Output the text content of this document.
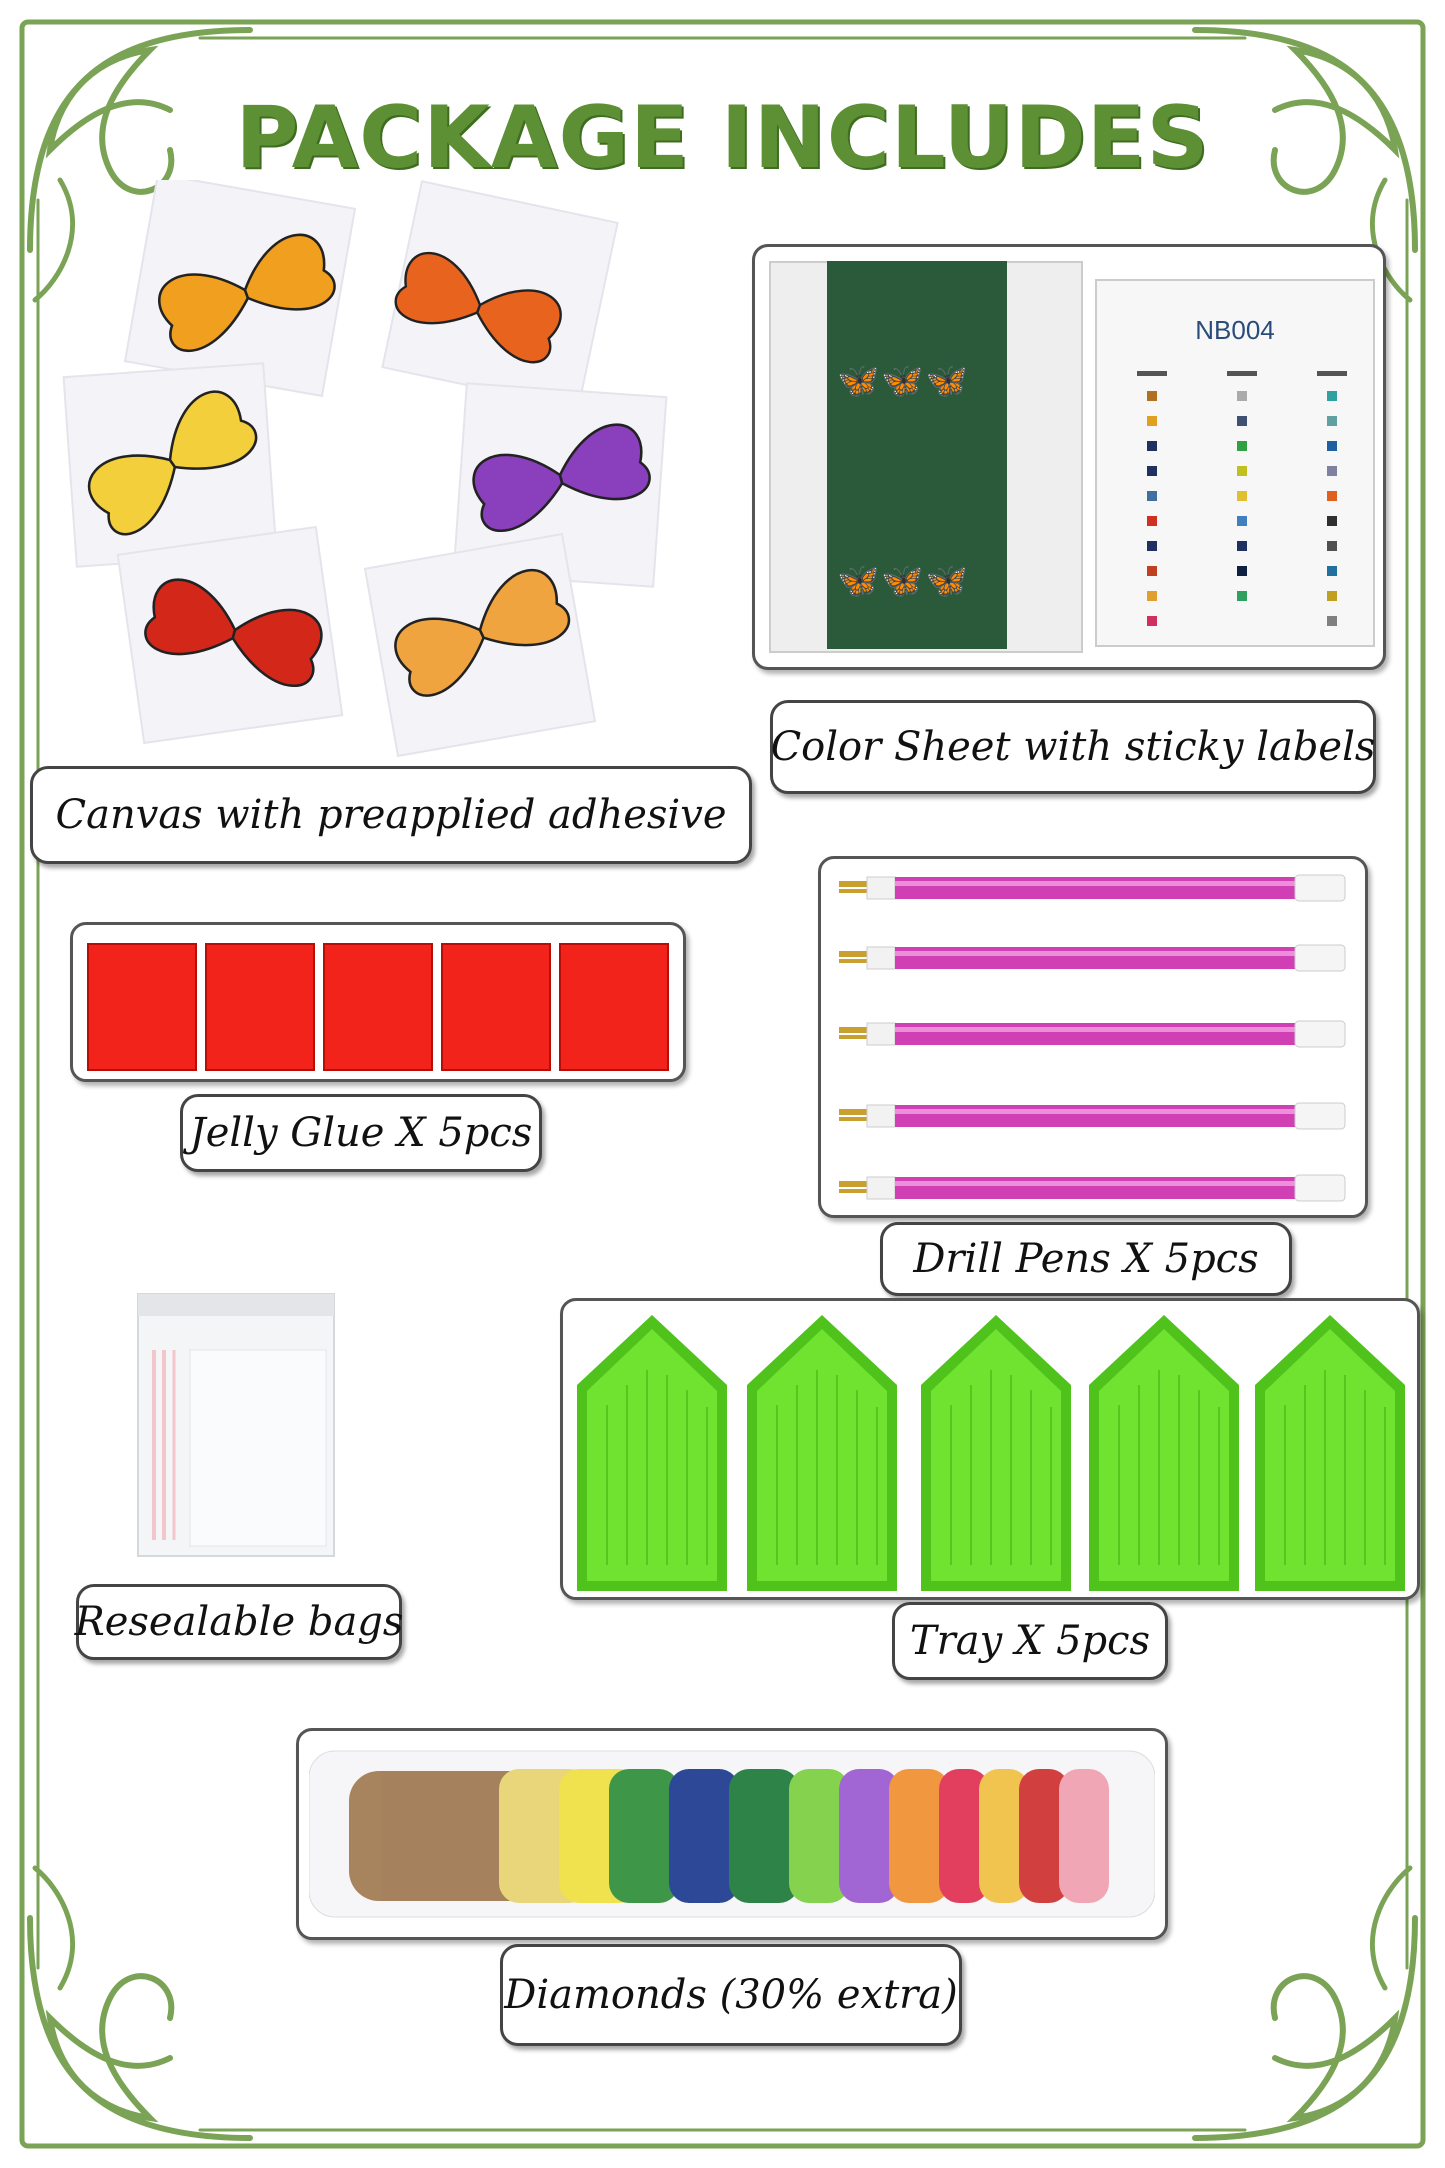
PACKAGE INCLUDES
Canvas with preapplied adhesive
🦋🦋🦋
🦋🦋🦋
NB004
Color Sheet with sticky labels
Jelly Glue X 5pcs
Drill Pens X 5pcs
Resealable bags	Tray X 5pcs
Diamonds (30% extra)
